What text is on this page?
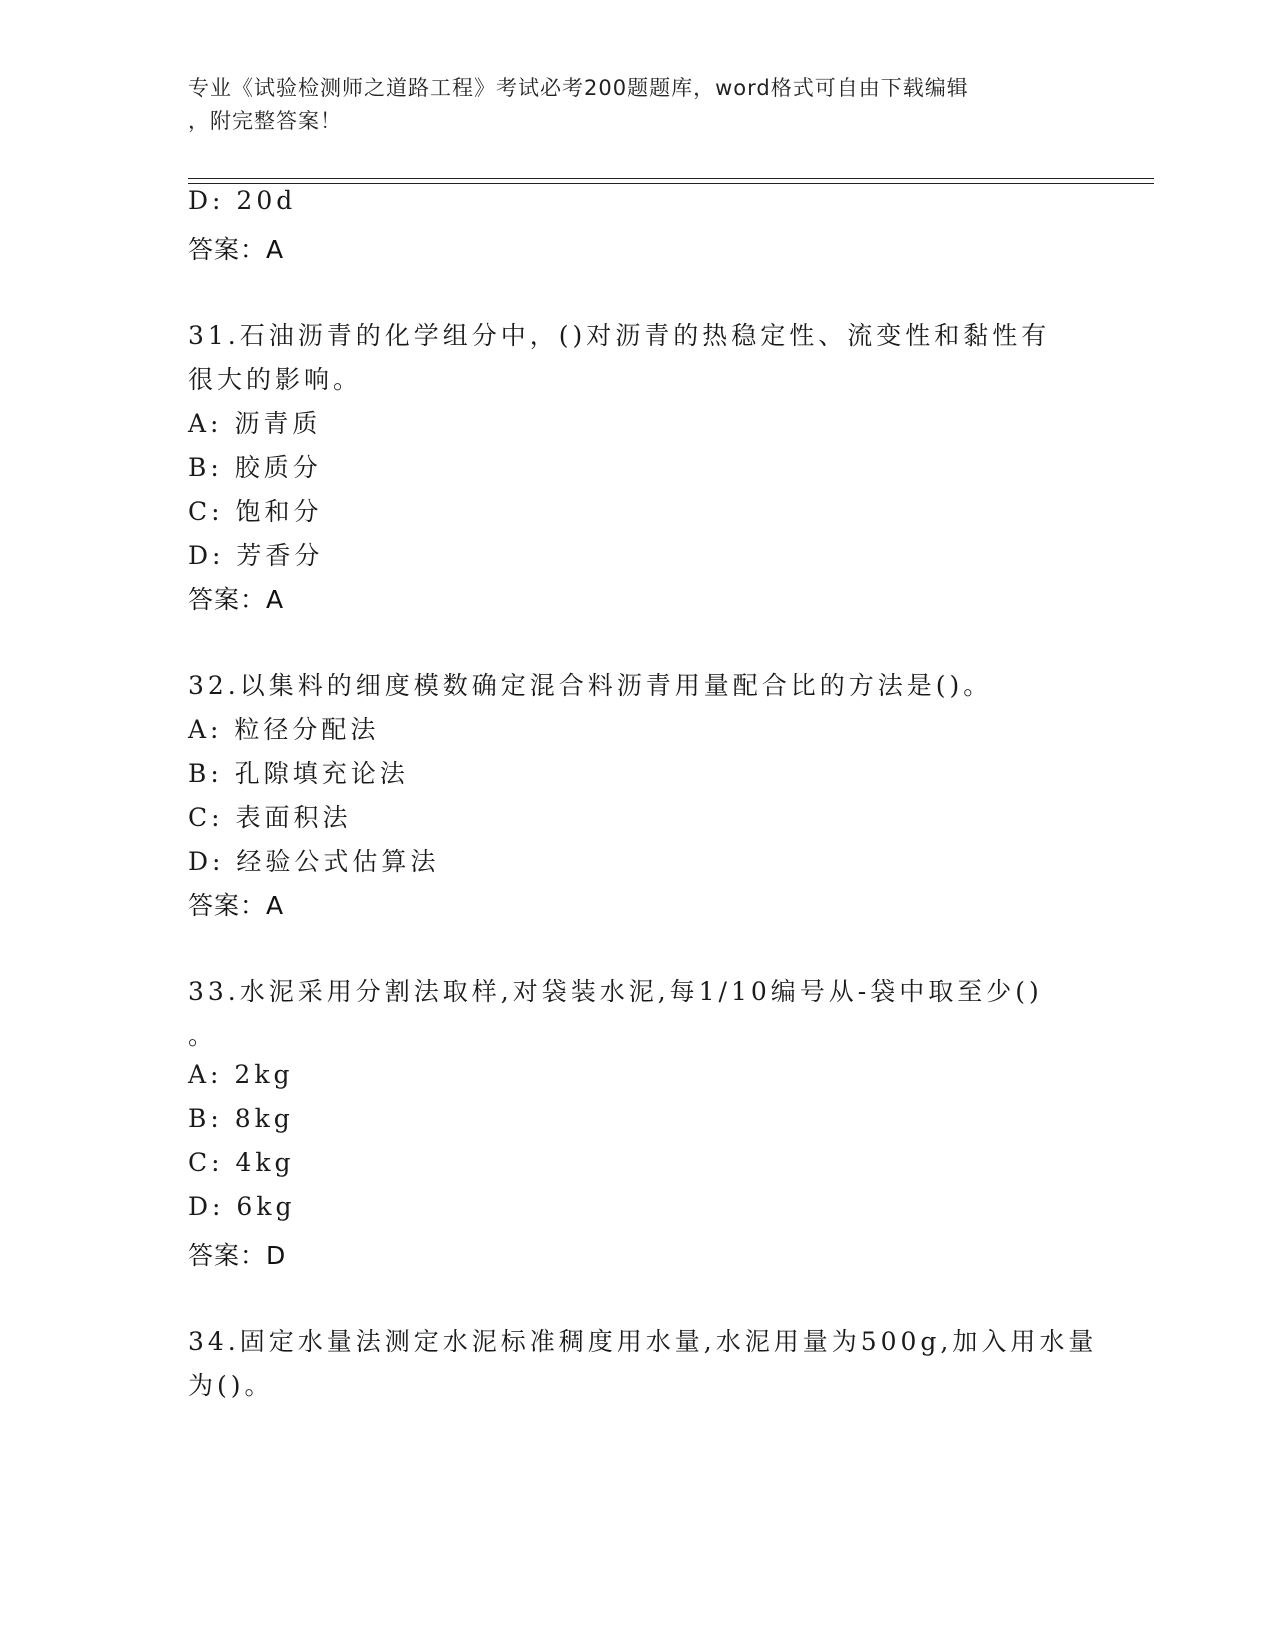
专业《试验检测师之道路工程》考试必考200题题库，word格式可自由下载编辑

，附完整答案！

D: 20d
答案：A
31.石油沥青的化学组分中，()对沥青的热稳定性、流变性和黏性有
很大的影响。
A: 沥青质
B: 胶质分
C: 饱和分
D: 芳香分
答案：A
32.以集料的细度模数确定混合料沥青用量配合比的方法是()。
A: 粒径分配法
B: 孔隙填充论法
C: 表面积法
D: 经验公式估算法
答案：A
33.水泥采用分割法取样,对袋装水泥,每1/10编号从-袋中取至少()
。
A: 2kg
B: 8kg
C: 4kg
D: 6kg
答案：D
34.固定水量法测定水泥标准稠度用水量,水泥用量为500g,加入用水量
为()。
